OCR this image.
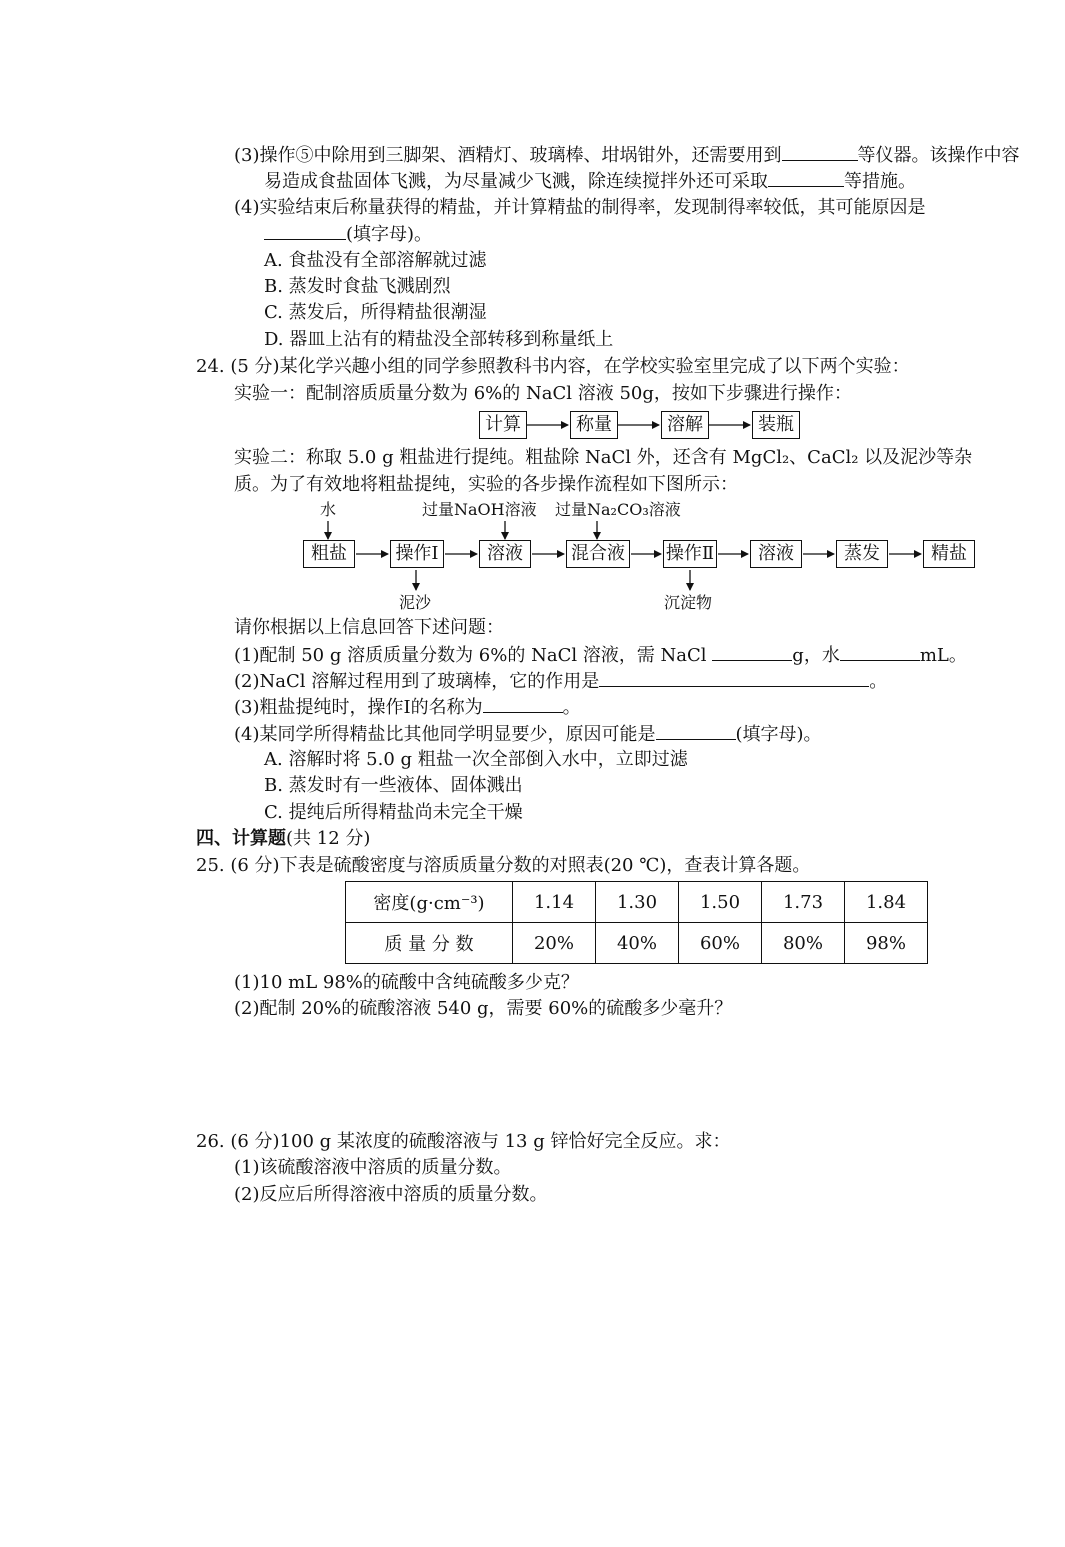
(3)操作⑤中除用到三脚架、酒精灯、玻璃棒、坩埚钳外，还需要用到	等仪器。该操作中容
易造成食盐固体飞溅，为尽量减少飞溅，除连续搅拌外还可采取	等措施。
(4)实验结束后称量获得的精盐，并计算精盐的制得率，发现制得率较低，其可能原因是
(填字母)。
A. 食盐没有全部溶解就过滤
B. 蒸发时食盐飞溅剧烈
C. 蒸发后，所得精盐很潮湿
D. 器皿上沾有的精盐没全部转移到称量纸上
24. (5 分)某化学兴趣小组的同学参照教科书内容，在学校实验室里完成了以下两个实验：
实验一：配制溶质质量分数为 6%的 NaCl 溶液 50g，按如下步骤进行操作：
计算	称量	溶解	装瓶
实验二：称取 5.0 g 粗盐进行提纯。粗盐除 NaCl 外，还含有 MgCl₂、CaCl₂ 以及泥沙等杂
质。为了有效地将粗盐提纯，实验的各步操作流程如下图所示：
水	过量NaOH溶液 过量Na₂CO₃溶液
粗盐	操作Ⅰ	溶液	混合液 操作Ⅱ	溶液	蒸发	精盐
泥沙	沉淀物
请你根据以上信息回答下述问题：
(1)配制 50 g 溶质质量分数为 6%的 NaCl 溶液，需 NaCl	g，水	mL。
(2)NaCl 溶解过程用到了玻璃棒，它的作用是	。
(3)粗盐提纯时，操作Ⅰ的名称为	。
(4)某同学所得精盐比其他同学明显要少，原因可能是	(填字母)。
A. 溶解时将 5.0 g 粗盐一次全部倒入水中，立即过滤
B. 蒸发时有一些液体、固体溅出
C. 提纯后所得精盐尚未完全干燥
四、计算题(共 12 分)
25. (6 分)下表是硫酸密度与溶质质量分数的对照表(20 ℃)，查表计算各题。
密度(g·cm⁻³)	1.14	1.30	1.50	1.73	1.84
质 量 分 数	20%	40%	60%	80%	98%
(1)10 mL 98%的硫酸中含纯硫酸多少克？
(2)配制 20%的硫酸溶液 540 g，需要 60%的硫酸多少毫升？
26. (6 分)100 g 某浓度的硫酸溶液与 13 g 锌恰好完全反应。求：
(1)该硫酸溶液中溶质的质量分数。
(2)反应后所得溶液中溶质的质量分数。
